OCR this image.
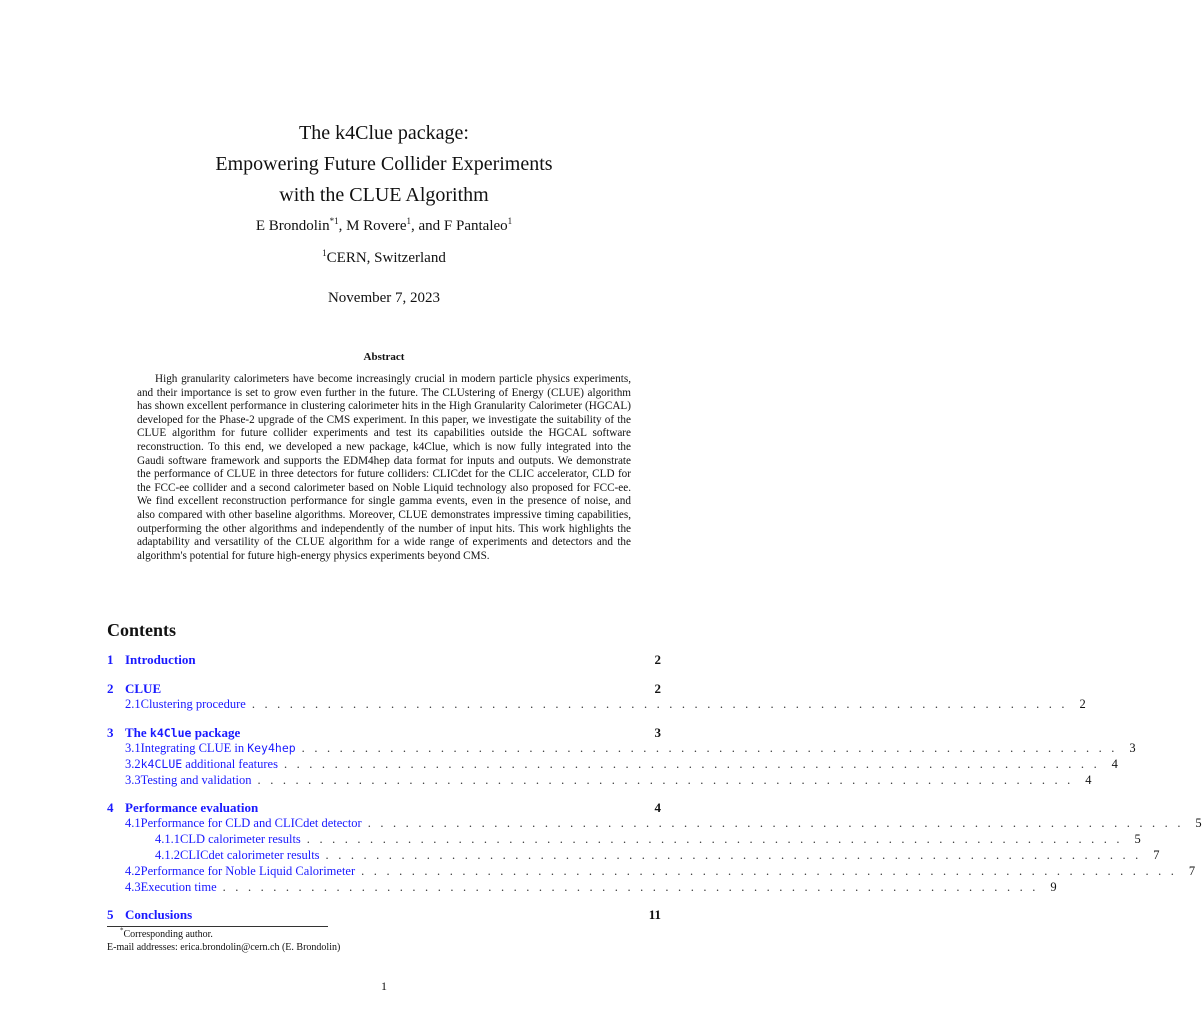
The k4Clue package:
Empowering Future Collider Experiments
with the CLUE Algorithm
E Brondolin$^{*1}$, M Rovere$^1$, and F Pantaleo$^1$
$^1$CERN, Switzerland
November 7, 2023
Abstract
High granularity calorimeters have become increasingly crucial in modern particle physics experiments, and their importance is set to grow even further in the future. The CLUstering of Energy (CLUE) algorithm has shown excellent performance in clustering calorimeter hits in the High Granularity Calorimeter (HGCAL) developed for the Phase-2 upgrade of the CMS experiment. In this paper, we investigate the suitability of the CLUE algorithm for future collider experiments and test its capabilities outside the HGCAL software reconstruction. To this end, we developed a new package, k4Clue, which is now fully integrated into the Gaudi software framework and supports the EDM4hep data format for inputs and outputs. We demonstrate the performance of CLUE in three detectors for future colliders: CLICdet for the CLIC accelerator, CLD for the FCC-ee collider and a second calorimeter based on Noble Liquid technology also proposed for FCC-ee. We find excellent reconstruction performance for single gamma events, even in the presence of noise, and also compared with other baseline algorithms. Moreover, CLUE demonstrates impressive timing capabilities, outperforming the other algorithms and independently of the number of input hits. This work highlights the adaptability and versatility of the CLUE algorithm for a wide range of experiments and detectors and the algorithm's potential for future high-energy physics experiments beyond CMS.
Contents
1 Introduction	2
2 CLUE	2
2.1 Clustering procedure . . . . . . . . . . . . . . . . . . . . . . . . . . . . . . . . . . . . . . . . . . . . . . . . . . . . . . . . . . . . . . . . . 2
3 The k4Clue package	3
3.1 Integrating CLUE in Key4hep . . . . . . . . . . . . . . . . . . . . . . . . . . . . . . . . . . . . . . . . . . . . . . . . . . . . . . . . . . . . . . . . . 3
3.2 k4CLUE additional features . . . . . . . . . . . . . . . . . . . . . . . . . . . . . . . . . . . . . . . . . . . . . . . . . . . . . . . . . . . . . . . . . 4
3.3 Testing and validation . . . . . . . . . . . . . . . . . . . . . . . . . . . . . . . . . . . . . . . . . . . . . . . . . . . . . . . . . . . . . . . . . 4
4 Performance evaluation	4
4.1 Performance for CLD and CLICdet detector . . . . . . . . . . . . . . . . . . . . . . . . . . . . . . . . . . . . . . . . . . . . . . . . . . . . . . . . . . . . . . . . . 5
4.1.1 CLD calorimeter results . . . . . . . . . . . . . . . . . . . . . . . . . . . . . . . . . . . . . . . . . . . . . . . . . . . . . . . . . . . . . . . . . 5
4.1.2 CLICdet calorimeter results . . . . . . . . . . . . . . . . . . . . . . . . . . . . . . . . . . . . . . . . . . . . . . . . . . . . . . . . . . . . . . . . . 7
4.2 Performance for Noble Liquid Calorimeter . . . . . . . . . . . . . . . . . . . . . . . . . . . . . . . . . . . . . . . . . . . . . . . . . . . . . . . . . . . . . . . . . 7
4.3 Execution time . . . . . . . . . . . . . . . . . . . . . . . . . . . . . . . . . . . . . . . . . . . . . . . . . . . . . . . . . . . . . . . . . 9
5 Conclusions	11
*Corresponding author.
E-mail addresses: erica.brondolin@cern.ch (E. Brondolin)
1
